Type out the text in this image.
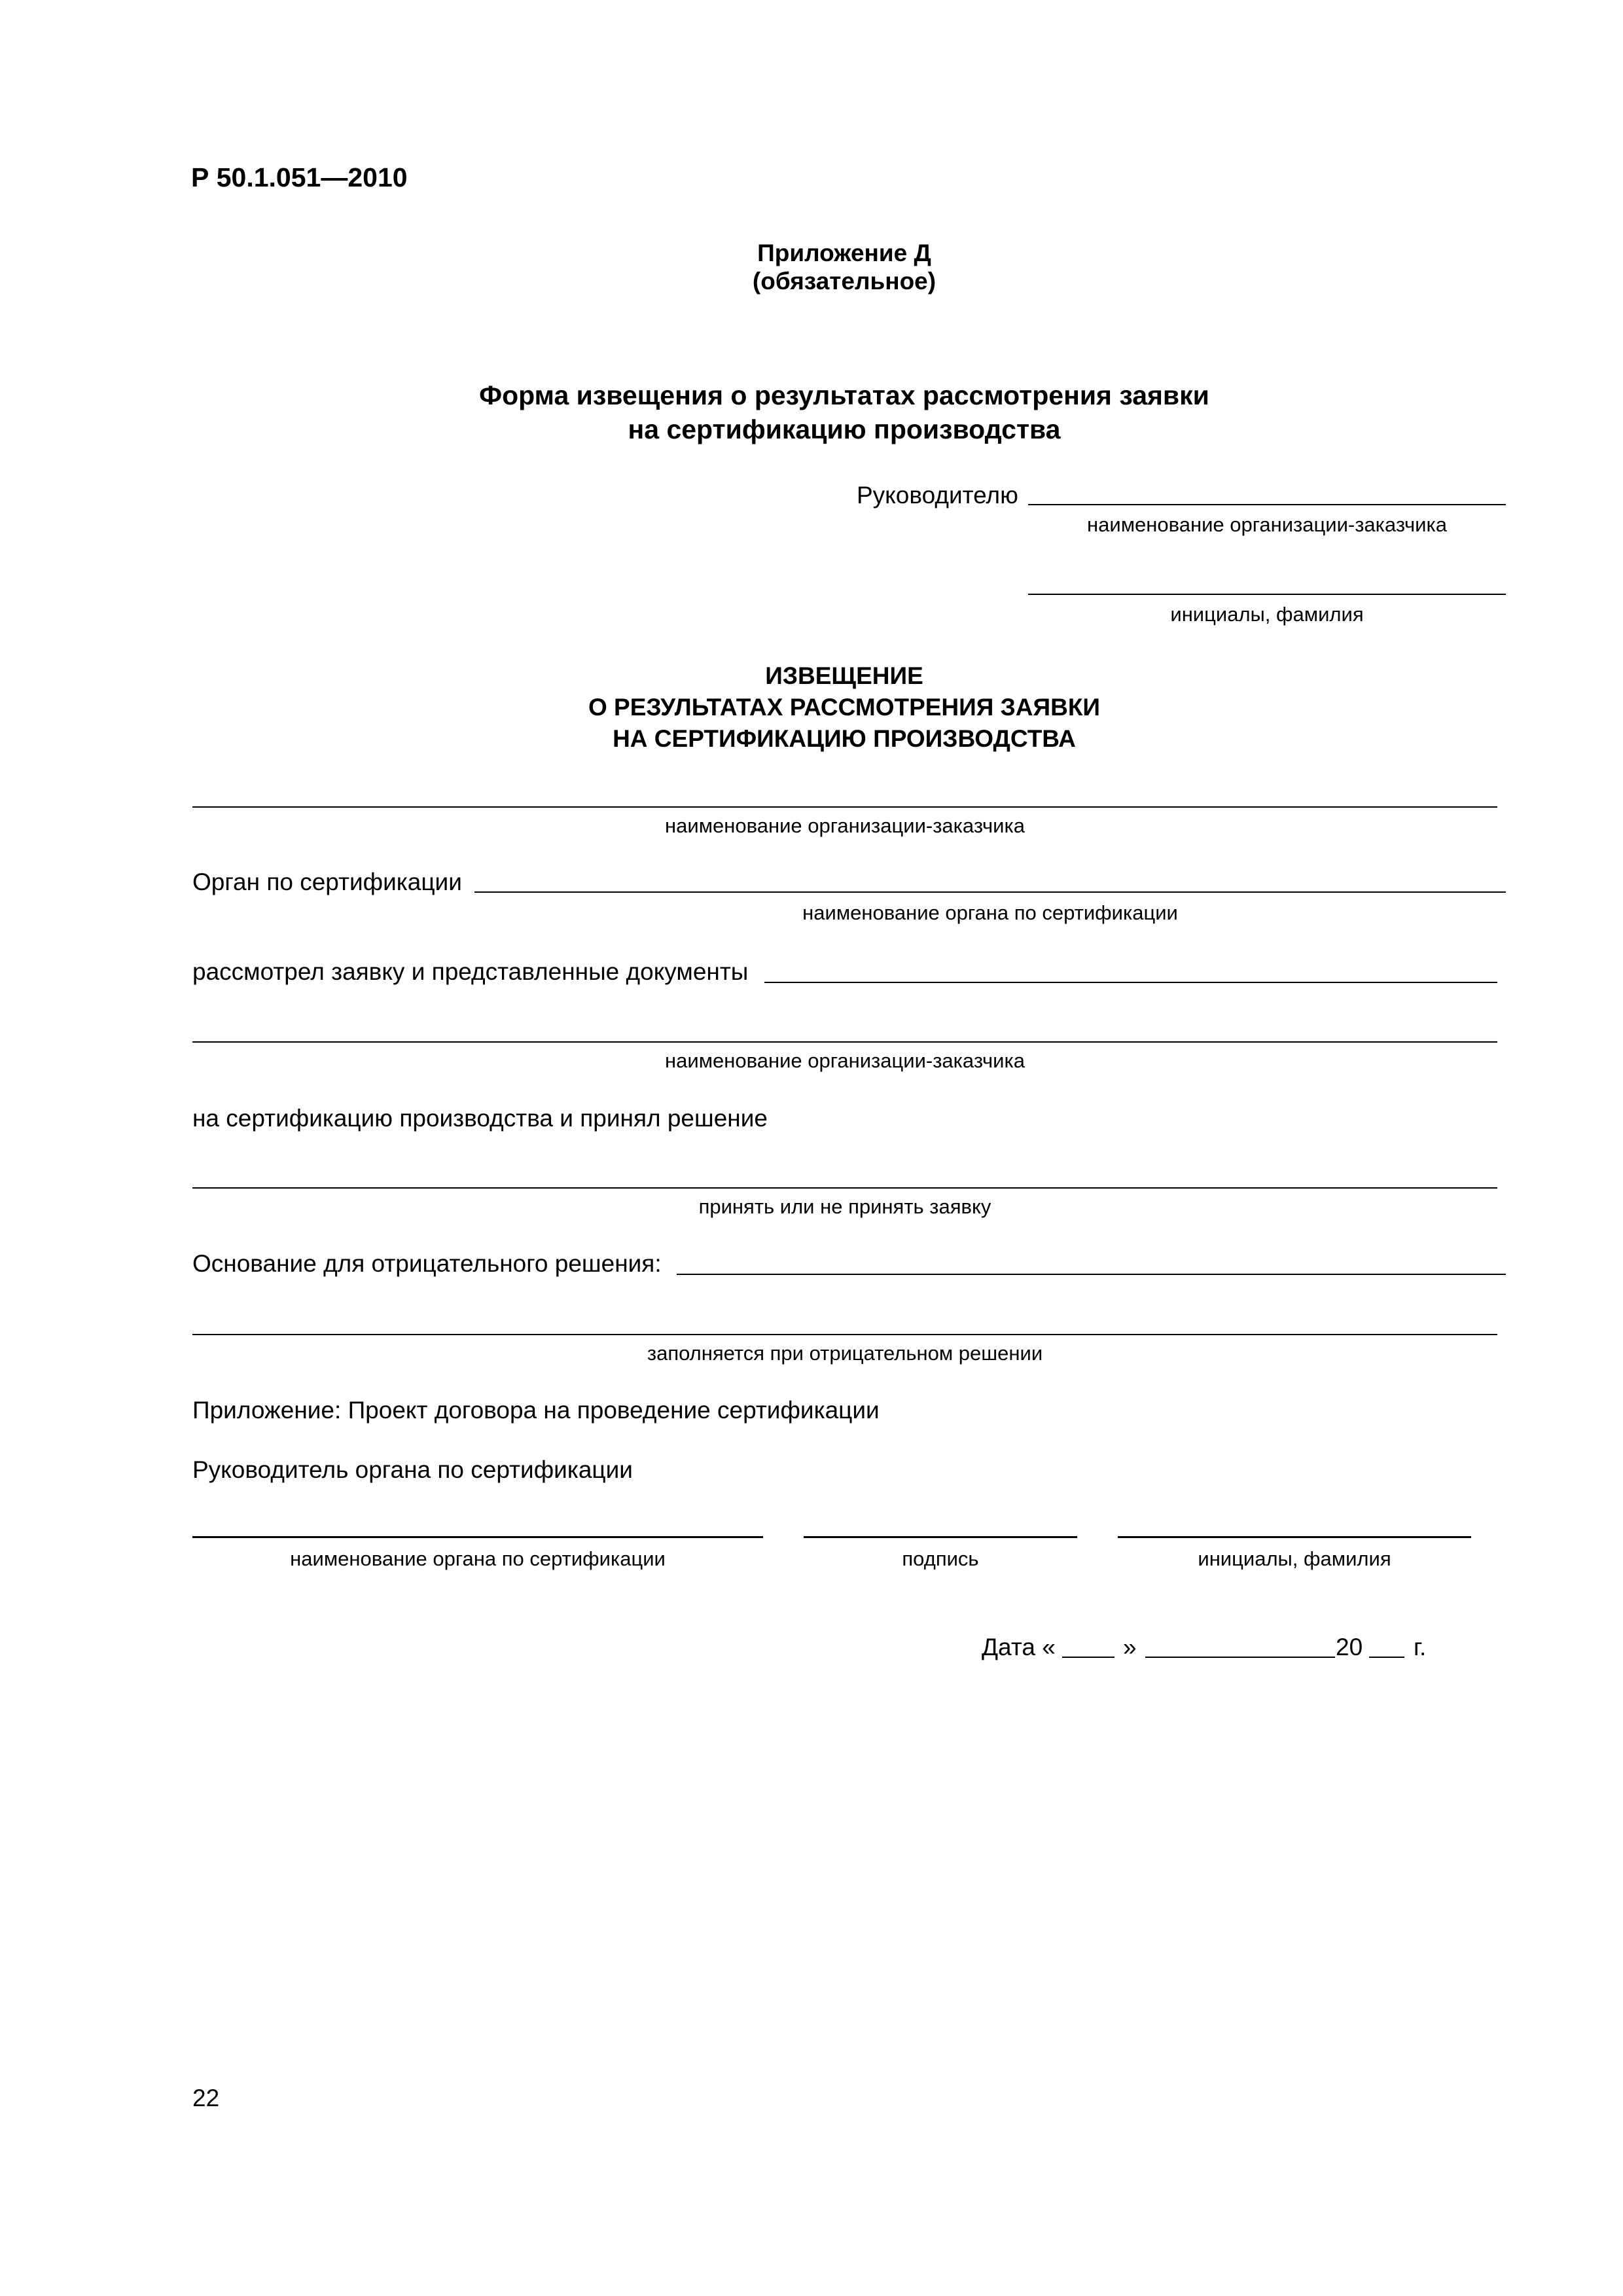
Р 50.1.051—2010
Приложение Д
(обязательное)
Форма извещения о результатах рассмотрения заявки
на сертификацию производства
Руководителю
наименование организации-заказчика
инициалы, фамилия
ИЗВЕЩЕНИЕ
О РЕЗУЛЬТАТАХ РАССМОТРЕНИЯ ЗАЯВКИ
НА СЕРТИФИКАЦИЮ ПРОИЗВОДСТВА
наименование организации-заказчика
Орган по сертификации
наименование органа по сертификации
рассмотрел заявку и представленные документы
наименование организации-заказчика
на сертификацию производства и принял решение
принять или не принять заявку
Основание для отрицательного решения:
заполняется при отрицательном решении
Приложение: Проект договора на проведение сертификации
Руководитель органа по сертификации
наименование органа по сертификации	подпись	инициалы, фамилия
Дата «	»	20 г.
22
